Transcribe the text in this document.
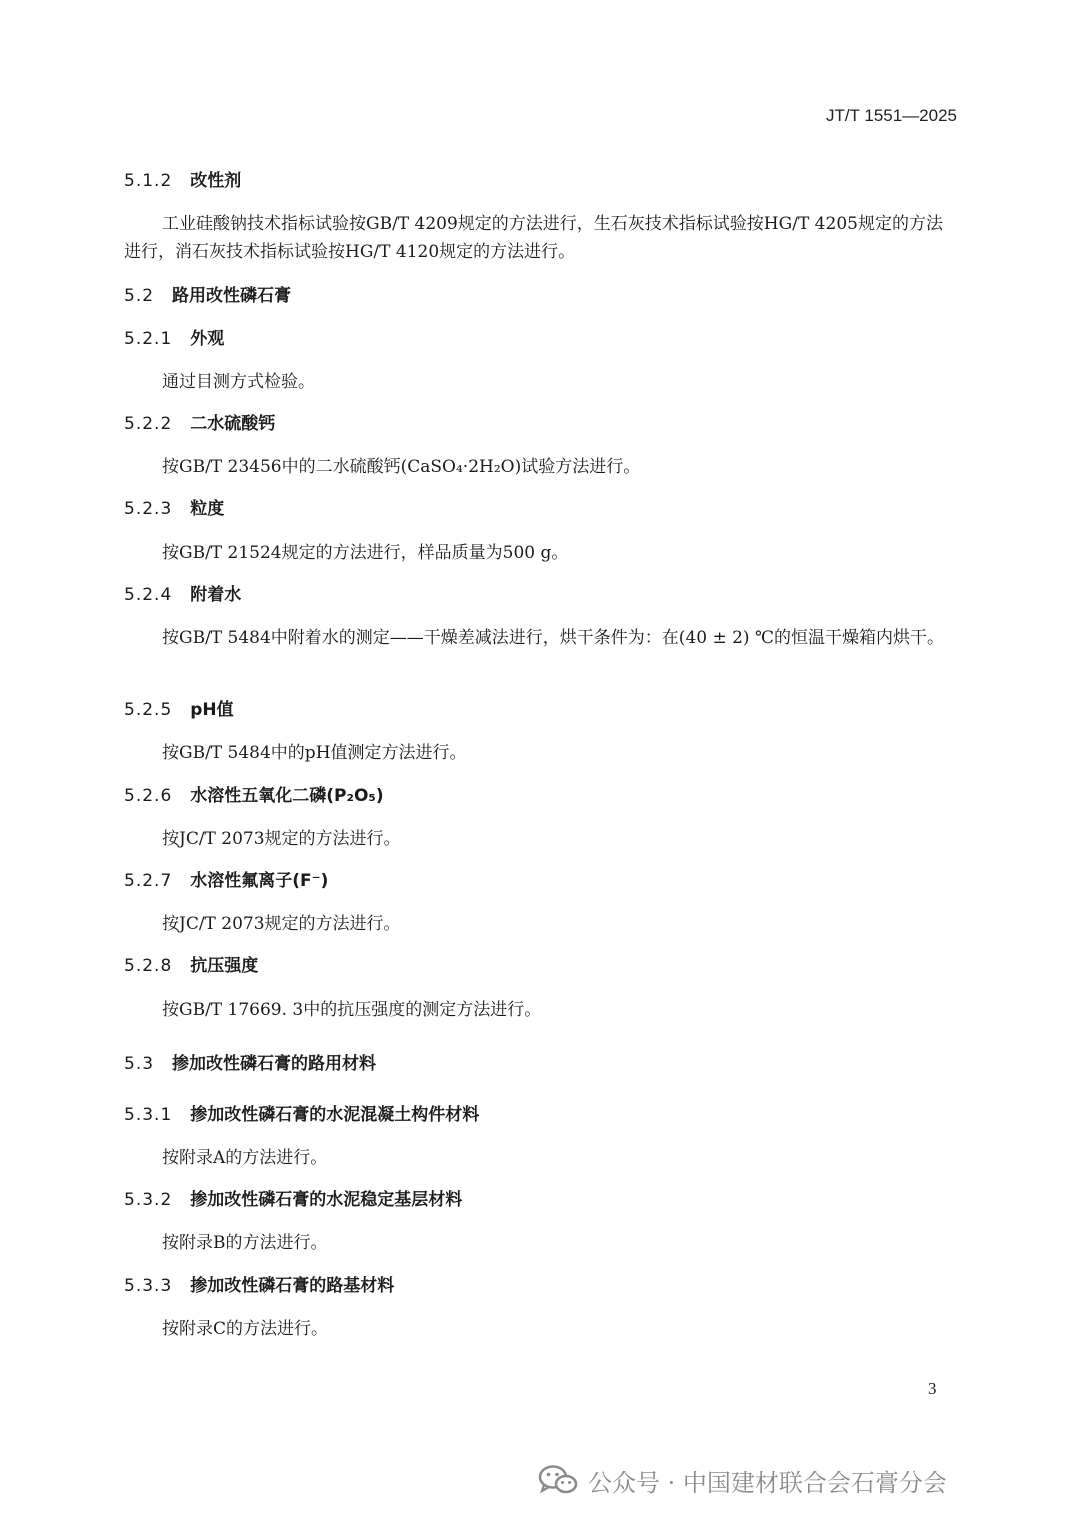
JT/T 1551—2025
5.1.2 改性剂

工业硅酸钠技术指标试验按GB/T 4209规定的方法进行，生石灰技术指标试验按HG/T 4205规定的方法进行，消石灰技术指标试验按HG/T 4120规定的方法进行。

5.2 路用改性磷石膏
5.2.1 外观

通过目测方式检验。

5.2.2 二水硫酸钙

按GB/T 23456中的二水硫酸钙(CaSO₄·2H₂O)试验方法进行。

5.2.3 粒度

按GB/T 21524规定的方法进行，样品质量为500 g。

5.2.4 附着水

按GB/T 5484中附着水的测定——干燥差减法进行，烘干条件为：在(40 ± 2) ℃的恒温干燥箱内烘干。

5.2.5 pH值

按GB/T 5484中的pH值测定方法进行。

5.2.6 水溶性五氧化二磷(P₂O₅)

按JC/T 2073规定的方法进行。

5.2.7 水溶性氟离子(F⁻)

按JC/T 2073规定的方法进行。

5.2.8 抗压强度

按GB/T 17669. 3中的抗压强度的测定方法进行。

5.3 掺加改性磷石膏的路用材料
5.3.1 掺加改性磷石膏的水泥混凝土构件材料

按附录A的方法进行。

5.3.2 掺加改性磷石膏的水泥稳定基层材料

按附录B的方法进行。

5.3.3 掺加改性磷石膏的路基材料

按附录C的方法进行。

3
公众号 · 中国建材联合会石膏分会
